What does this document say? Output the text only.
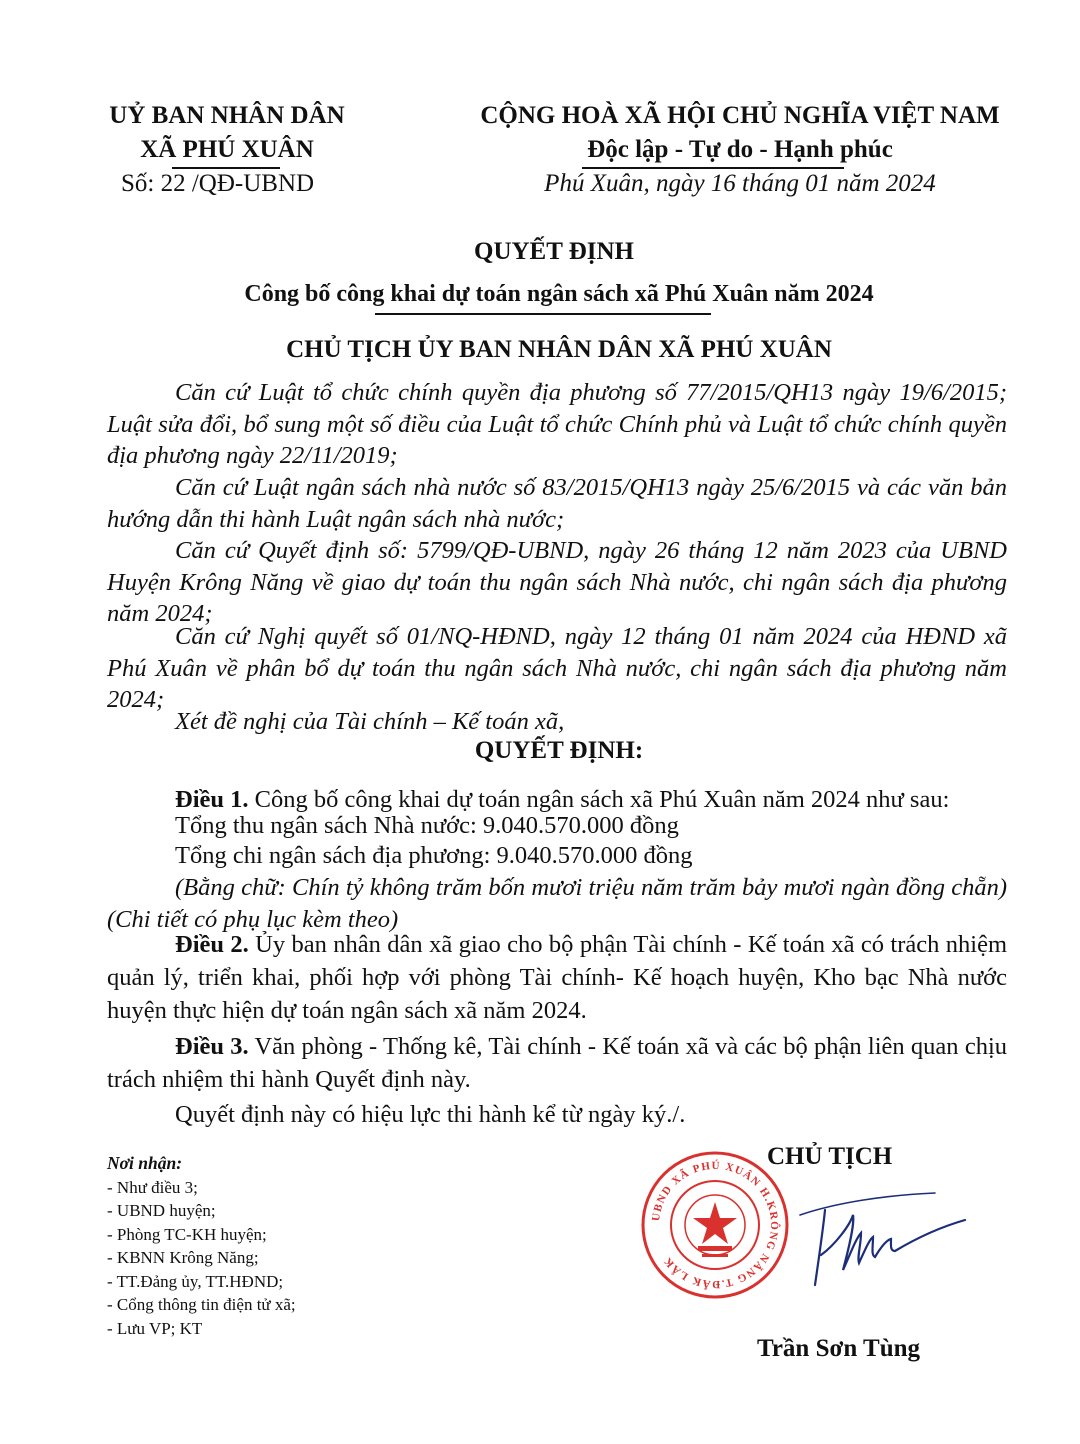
UỶ BAN NHÂN DÂN
XÃ PHÚ XUÂN
Số: 22 /QĐ-UBND
CỘNG HOÀ XÃ HỘI CHỦ NGHĨA VIỆT NAM
Độc lập - Tự do - Hạnh phúc
Phú Xuân, ngày 16 tháng 01 năm 2024
QUYẾT ĐỊNH
Công bố công khai dự toán ngân sách xã Phú Xuân năm 2024
CHỦ TỊCH ỦY BAN NHÂN DÂN XÃ PHÚ XUÂN
Căn cứ Luật tổ chức chính quyền địa phương số 77/2015/QH13 ngày 19/6/2015; Luật sửa đổi, bổ sung một số điều của Luật tổ chức Chính phủ và Luật tổ chức chính quyền địa phương ngày 22/11/2019;
Căn cứ Luật ngân sách nhà nước số 83/2015/QH13 ngày 25/6/2015 và các văn bản hướng dẫn thi hành Luật ngân sách nhà nước;
Căn cứ Quyết định số: 5799/QĐ-UBND, ngày 26 tháng 12 năm 2023 của UBND Huyện Krông Năng về giao dự toán thu ngân sách Nhà nước, chi ngân sách địa phương năm 2024;
Căn cứ Nghị quyết số 01/NQ-HĐND, ngày 12 tháng 01 năm 2024 của HĐND xã Phú Xuân về phân bổ dự toán thu ngân sách Nhà nước, chi ngân sách địa phương năm 2024;
Xét đề nghị của Tài chính – Kế toán xã,
QUYẾT ĐỊNH:
Điều 1. Công bố công khai dự toán ngân sách xã Phú Xuân năm 2024 như sau:
Tổng thu ngân sách Nhà nước: 9.040.570.000 đồng
Tổng chi ngân sách địa phương: 9.040.570.000 đồng
(Bằng chữ: Chín tỷ không trăm bốn mươi triệu năm trăm bảy mươi ngàn đồng chẵn)(Chi tiết có phụ lục kèm theo)
Điều 2. Ủy ban nhân dân xã giao cho bộ phận Tài chính - Kế toán xã có trách nhiệm quản lý, triển khai, phối hợp với phòng Tài chính- Kế hoạch huyện, Kho bạc Nhà nước huyện thực hiện dự toán ngân sách xã năm 2024.
Điều 3. Văn phòng - Thống kê, Tài chính - Kế toán xã và các bộ phận liên quan chịu trách nhiệm thi hành Quyết định này.
Quyết định này có hiệu lực thi hành kể từ ngày ký./.
Nơi nhận:
- Như điều 3;
- UBND huyện;
- Phòng TC-KH huyện;
- KBNN Krông Năng;
- TT.Đảng ủy, TT.HĐND;
- Cổng thông tin điện tử xã;
- Lưu VP; KT
CHỦ TỊCH
UBND XÃ PHÚ XUÂN H.KRÔNG NĂNG T.ĐẮK LẮK
Trần Sơn Tùng
